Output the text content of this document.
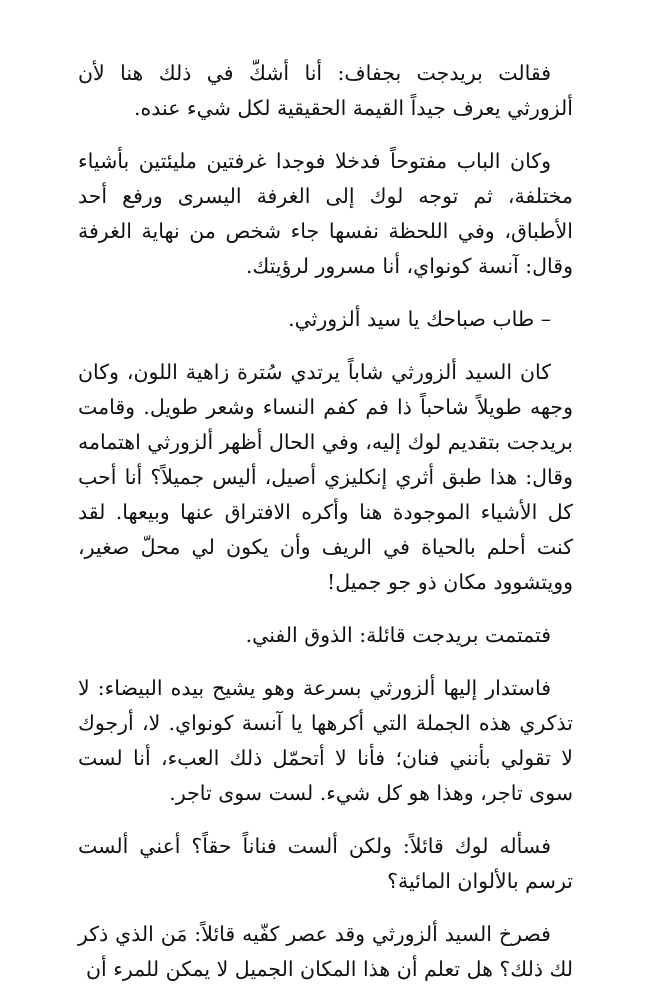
فقالت بريدجت بجفاف: أنا أشكّ في ذلك هنا لأن ألزورثي يعرف جيداً القيمة الحقيقية لكل شيء عنده.

وكان الباب مفتوحاً فدخلا فوجدا غرفتين مليئتين بأشياء مختلفة، ثم توجه لوك إلى الغرفة اليسرى ورفع أحد الأطباق، وفي اللحظة نفسها جاء شخص من نهاية الغرفة وقال: آنسة كونواي، أنا مسرور لرؤيتك.

– طاب صباحك يا سيد ألزورثي.

كان السيد ألزورثي شاباً يرتدي سُترة زاهية اللون، وكان وجهه طويلاً شاحباً ذا فم كفم النساء وشعر طويل. وقامت بريدجت بتقديم لوك إليه، وفي الحال أظهر ألزورثي اهتمامه وقال: هذا طبق أثري إنكليزي أصيل، أليس جميلاً؟ أنا أحب كل الأشياء الموجودة هنا وأكره الافتراق عنها وبيعها. لقد كنت أحلم بالحياة في الريف وأن يكون لي محلّ صغير، وويتشوود مكان ذو جو جميل!

فتمتمت بريدجت قائلة: الذوق الفني.

فاستدار إليها ألزورثي بسرعة وهو يشيح بيده البيضاء: لا تذكري هذه الجملة التي أكرهها يا آنسة كونواي. لا، أرجوك لا تقولي بأنني فنان؛ فأنا لا أتحمّل ذلك العبء، أنا لست سوى تاجر، وهذا هو كل شيء. لست سوى تاجر.

فسأله لوك قائلاً: ولكن ألست فناناً حقاً؟ أعني ألست ترسم بالألوان المائية؟

فصرخ السيد ألزورثي وقد عصر كفّيه قائلاً: مَن الذي ذكر لك ذلك؟ هل تعلم أن هذا المكان الجميل لا يمكن للمرء أن
